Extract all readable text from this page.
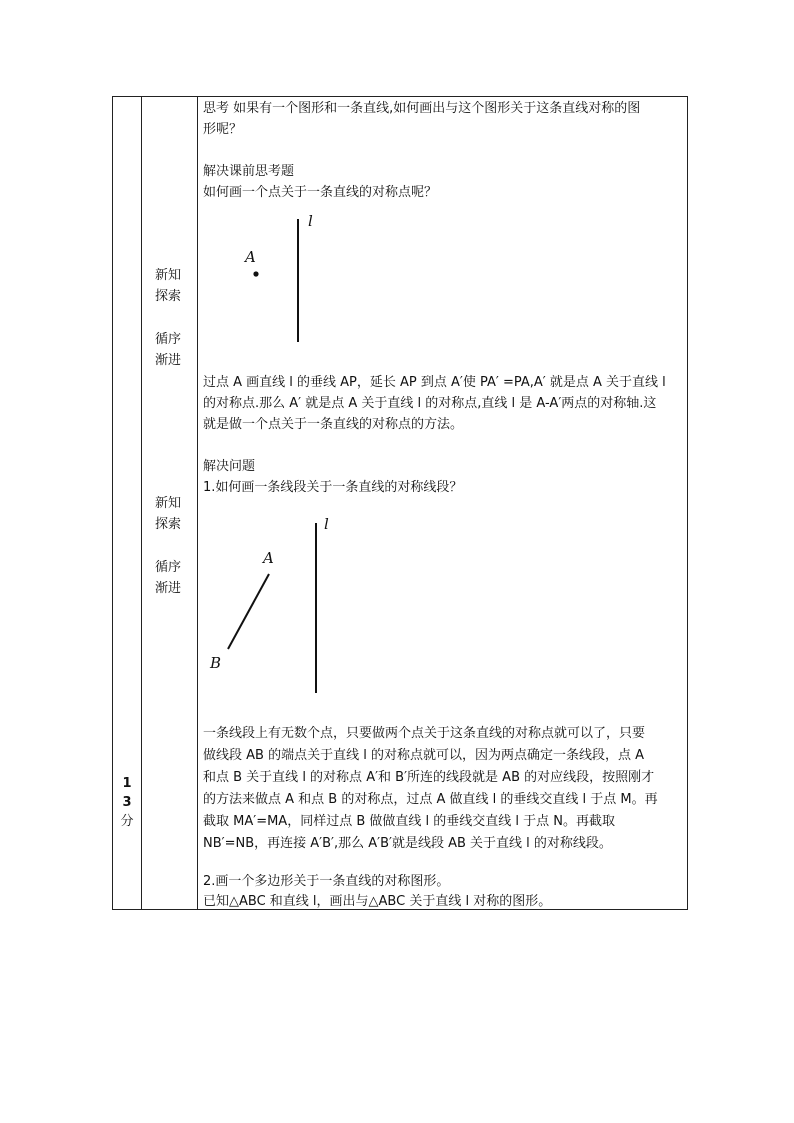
1
3
分
新知
探索
循序
渐进
新知
探索
循序
渐进
思考 如果有一个图形和一条直线,如何画出与这个图形关于这条直线对称的图
形呢？
解决课前思考题
如何画一个点关于一条直线的对称点呢？
l
A
过点 A 画直线 l 的垂线 AP，延长 AP 到点 A′使 PA′ =PA,A′ 就是点 A 关于直线 l
的对称点.那么 A′ 就是点 A 关于直线 l 的对称点,直线 l 是 A-A′两点的对称轴.这
就是做一个点关于一条直线的对称点的方法。
解决问题
1.如何画一条线段关于一条直线的对称线段？
l
A
B
一条线段上有无数个点，只要做两个点关于这条直线的对称点就可以了，只要
做线段 AB 的端点关于直线 l 的对称点就可以，因为两点确定一条线段，点 A
和点 B 关于直线 l 的对称点 A′和 B′所连的线段就是 AB 的对应线段，按照刚才
的方法来做点 A 和点 B 的对称点，过点 A 做直线 l 的垂线交直线 l 于点 M。再
截取 MA′=MA，同样过点 B 做做直线 l 的垂线交直线 l 于点 N。再截取
NB′=NB，再连接 A′B′,那么 A′B′就是线段 AB 关于直线 l 的对称线段。
2.画一个多边形关于一条直线的对称图形。
已知△ABC 和直线 l，画出与△ABC 关于直线 l 对称的图形。
